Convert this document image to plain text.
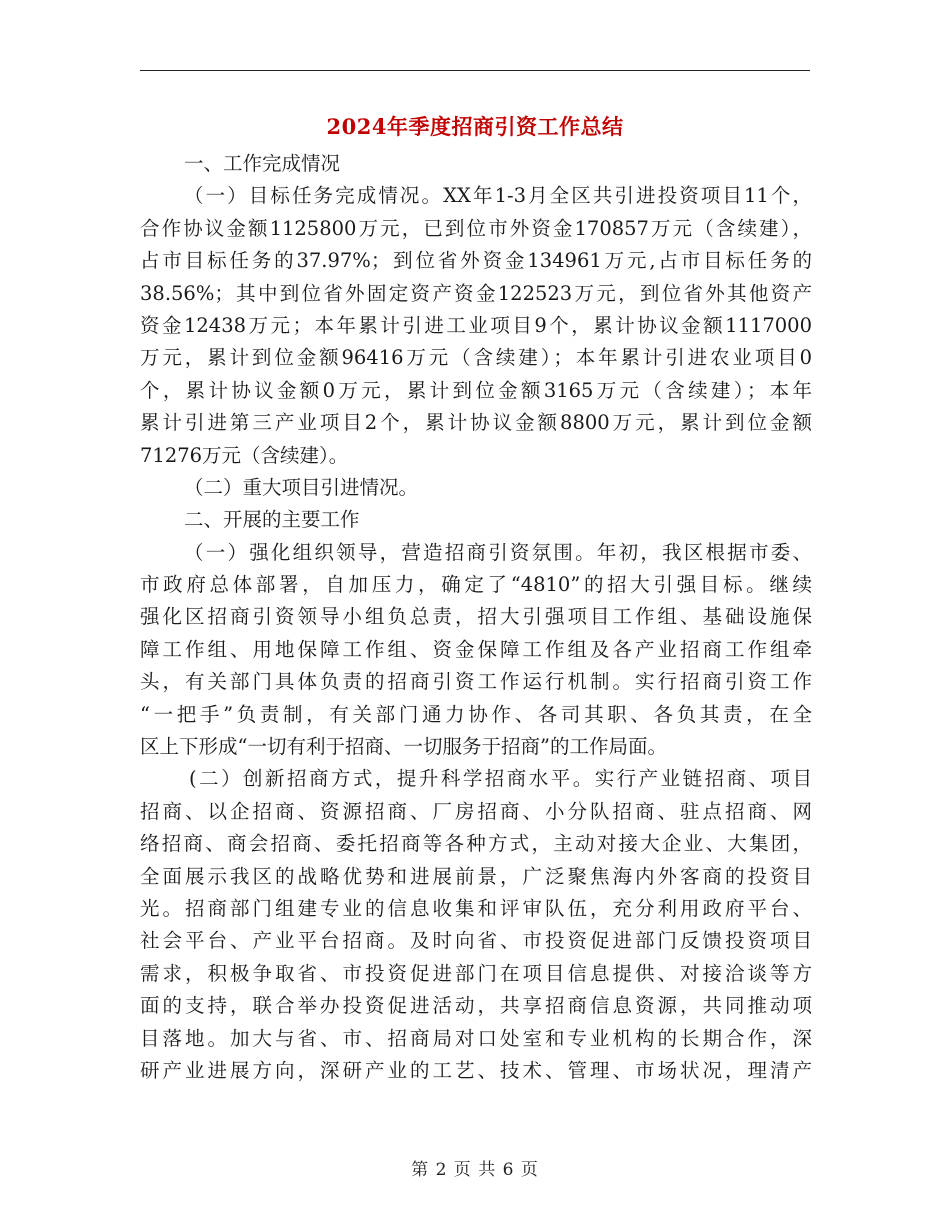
2024年季度招商引资工作总结
一、工作完成情况
（一）目标任务完成情况。XX年1-3月全区共引进投资项目11个，
合作协议金额1125800万元，已到位市外资金170857万元（含续建），
占市目标任务的37.97%；到位省外资金134961万元,占市目标任务的
38.56%；其中到位省外固定资产资金122523万元，到位省外其他资产
资金12438万元；本年累计引进工业项目9个，累计协议金额1117000
万元，累计到位金额96416万元（含续建）；本年累计引进农业项目0
个，累计协议金额0万元，累计到位金额3165万元（含续建）；本年
累计引进第三产业项目2个，累计协议金额8800万元，累计到位金额
71276万元（含续建）。
（二）重大项目引进情况。
二、开展的主要工作
（一）强化组织领导，营造招商引资氛围。年初，我区根据市委、
市政府总体部署，自加压力，确定了“4810”的招大引强目标。继续
强化区招商引资领导小组负总责，招大引强项目工作组、基础设施保
障工作组、用地保障工作组、资金保障工作组及各产业招商工作组牵
头，有关部门具体负责的招商引资工作运行机制。实行招商引资工作
“一把手”负责制，有关部门通力协作、各司其职、各负其责，在全
区上下形成“一切有利于招商、一切服务于招商”的工作局面。
(二）创新招商方式，提升科学招商水平。实行产业链招商、项目
招商、以企招商、资源招商、厂房招商、小分队招商、驻点招商、网
络招商、商会招商、委托招商等各种方式，主动对接大企业、大集团，
全面展示我区的战略优势和进展前景，广泛聚焦海内外客商的投资目
光。招商部门组建专业的信息收集和评审队伍，充分利用政府平台、
社会平台、产业平台招商。及时向省、市投资促进部门反馈投资项目
需求，积极争取省、市投资促进部门在项目信息提供、对接洽谈等方
面的支持，联合举办投资促进活动，共享招商信息资源，共同推动项
目落地。加大与省、市、招商局对口处室和专业机构的长期合作，深
研产业进展方向，深研产业的工艺、技术、管理、市场状况，理清产
第 2 页 共 6 页
